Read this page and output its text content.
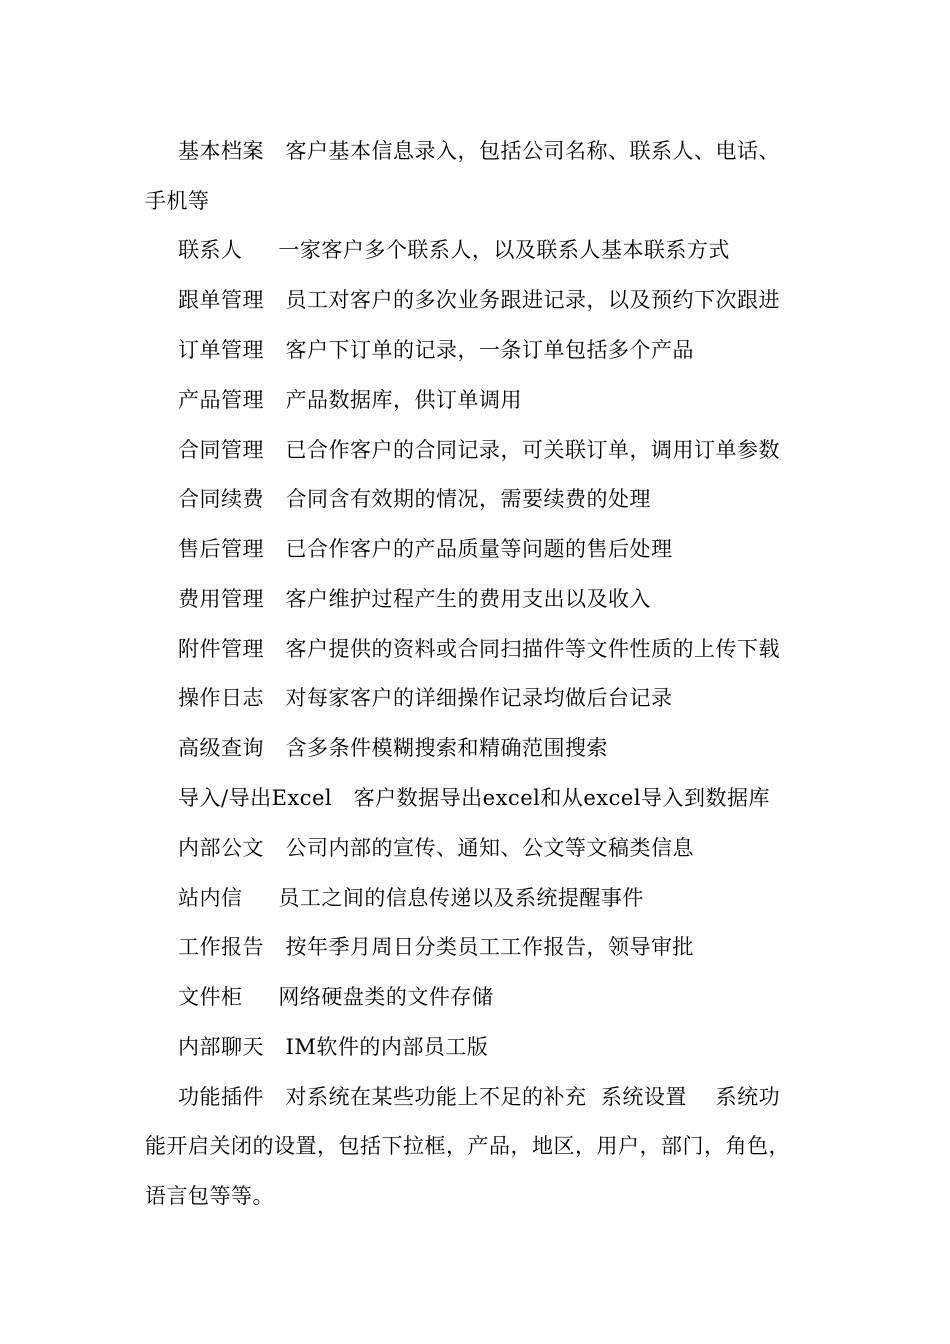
基本档案   客户基本信息录入，包括公司名称、联系人、电话、
手机等
联系人     一家客户多个联系人，以及联系人基本联系方式
跟单管理   员工对客户的多次业务跟进记录，以及预约下次跟进
订单管理   客户下订单的记录，一条订单包括多个产品
产品管理   产品数据库，供订单调用
合同管理   已合作客户的合同记录，可关联订单，调用订单参数
合同续费   合同含有效期的情况，需要续费的处理
售后管理   已合作客户的产品质量等问题的售后处理
费用管理   客户维护过程产生的费用支出以及收入
附件管理   客户提供的资料或合同扫描件等文件性质的上传下载
操作日志   对每家客户的详细操作记录均做后台记录
高级查询   含多条件模糊搜索和精确范围搜索
导入/导出Excel   客户数据导出excel和从excel导入到数据库
内部公文   公司内部的宣传、通知、公文等文稿类信息
站内信     员工之间的信息传递以及系统提醒事件
工作报告   按年季月周日分类员工工作报告，领导审批
文件柜     网络硬盘类的文件存储
内部聊天   IM软件的内部员工版
功能插件   对系统在某些功能上不足的补充  系统设置    系统功
能开启关闭的设置，包括下拉框，产品，地区，用户，部门，角色，
语言包等等。
